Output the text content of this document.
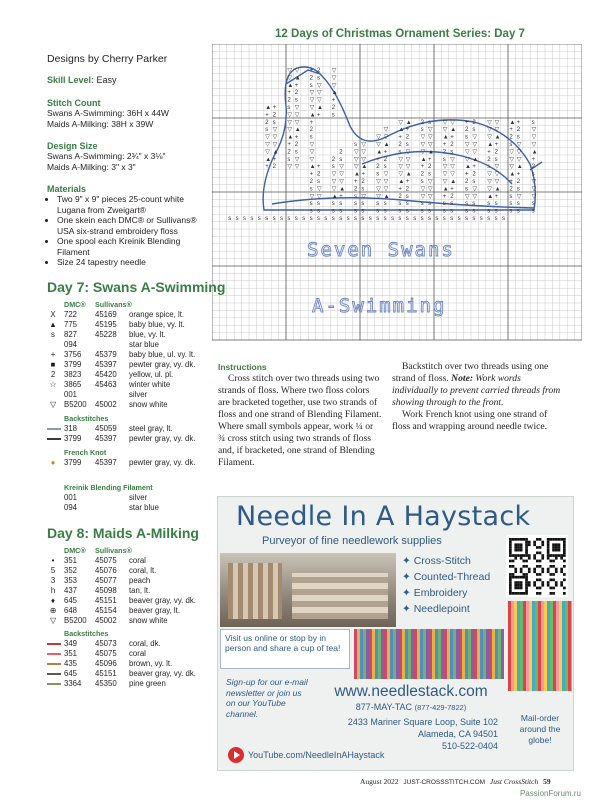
12 Days of Christmas Ornament Series: Day 7
▽ ▽ + 2 ▽
▽ ▲ 2 s ▽
▲ + s ▽ ▽
+ 2 ▽ ▽ ▲
2 s ▽ ▽ +
▲ + s ▽ ▽ ▲ 2
+ 2 ▽ ▽ ▲ + s
2 s ▽ ▽ +	▽ ▲ 2 s ▽ ▽ + 2 ▽ ▽ ▲ + s
s ▽ ▽ ▲ 2	▽ ▲ + s ▽ ▽ ▲ 2 s ▽ ▽ + 2 ▽
▽ ▽ ▲ + s	▽ ▽ + 2 ▽ ▽ ▲ + s ▽ ▽ ▲ 2 s ▽
▽ ▽ + 2 ▽	s ▽ ▽ ▲ 2 s ▽ ▽ + 2 ▽ ▽ ▲ + s ▽ ▽
▽ ▲ 2 s ▽	2 ▽ ▽ ▲ + s ▽ ▽ ▲ 2 s ▽ ▽ + 2 ▽ ▽ ▲
▲ + s ▽ ▽	2 s ▽ ▽ + 2 ▽ ▽ ▲ + s ▽ ▽ ▲ 2 s ▽ ▽ +
+ 2 ▽ ▽ ▲ + s ▽ ▽ ▲ 2 s ▽ ▽ + 2 ▽ ▽ ▲ + s ▽ ▽ ▲ 2
+ 2 ▽ ▽ ▲ + s ▽ ▽ ▲ 2 s ▽ ▽ + 2 ▽ ▽ ▲ + s
2 s ▽ ▽ + 2 ▽ ▽ ▲ + s ▽ ▽ ▲ 2 s ▽ ▽ + 2 ▽
s ▽ ▽ ▲ 2 s ▽ ▽ + 2 ▽ ▽ ▲ + s ▽ ▽ ▲ 2 s ▽
▽ ▽ ▲ + s ▽ ▽ ▲ 2 s ▽ ▽ + 2 ▽ ▽ ▲ + s ▽ ▽
s s s s s s s s s s s s s s s s s s s s s
s s s s s s s s s s s s s s s s s s s s s
s s s s s s s s s s s s s s s s s s s s s s s s s s s s s s s s s s s s s s
Seven Swans
A-Swimming
Designs by Cherry Parker
Skill Level: Easy
Stitch Count
Swans A-Swimming: 36H x 44W
Maids A-Milking: 38H x 39W
Design Size
Swans A-Swimming: 2¾" x 3⅛"
Maids A-Milking: 3" x 3"
Materials
• Two 9" x 9" pieces 25-count white Lugana from Zweigart®
• One skein each DMC® or Sullivans® USA six-strand embroidery floss
• One spool each Kreinik Blending Filament
• Size 24 tapestry needle
Day 7: Swans A-Swimming
DMC® Sullivans®
X	722 45169 orange spice, lt.
▲ 775 45195 baby blue, vy. lt.
s	827 45228 blue, vy. lt.
094	star blue
+	3756 45379 baby blue, ul. vy. lt.
■	3799 45397 pewter gray, vy. dk.
2	3823 45420 yellow, ul. pl.
☆ 3865 45463 winter white
001	silver
▽	B5200 45002 snow white
Backstitches
318 45059 steel gray, lt.
3799 45397 pewter gray, vy. dk.
French Knot
●	3799 45397 pewter gray, vy. dk.
Kreinik Blending Filament
001	silver
094	star blue
Day 8: Maids A-Milking
DMC® Sullivans®
•	351 45075 coral
5	352 45076 coral, lt.
3	353 45077 peach
h	437 45098 tan, lt.
♦	645 45151 beaver gray, vy. dk.
⊕ 648 45154 beaver gray, lt.
▽	B5200 45002 snow white
Backstitches
349 45073 coral, dk.
351 45075 coral
435 45096 brown, vy. lt.
645 45151 beaver gray, vy. dk.
3364 45350 pine green
Instructions
Cross stitch over two threads using two strands of floss. Where two floss colors are bracketed together, use two strands of floss and one strand of Blending Filament. Where small symbols appear, work ¼ or ¾ cross stitch using two strands of floss and, if bracketed, one strand of Blending Filament.
Backstitch over two threads using one strand of floss. Note: Work words individually to prevent carried threads from showing through to the front.
Work French knot using one strand of floss and wrapping around needle twice.
Needle In A Haystack
Purveyor of fine needlework supplies
✦ Cross-Stitch
✦ Counted-Thread
✦ Embroidery
✦ Needlepoint
Visit us online or stop by in person and share a cup of tea!
Sign-up for our e-mail newsletter or join us on our YouTube channel.
www.needlestack.com
877-MAY-TAC (877-429-7822)
2433 Mariner Square Loop, Suite 102
Alameda, CA 94501
510-522-0404
Mail-order around the globe!
YouTube.com/NeedleInAHaystack
August 2022 JUST-CROSSSTITCH.COM Just CrossStitch 59
PassionForum.ru
